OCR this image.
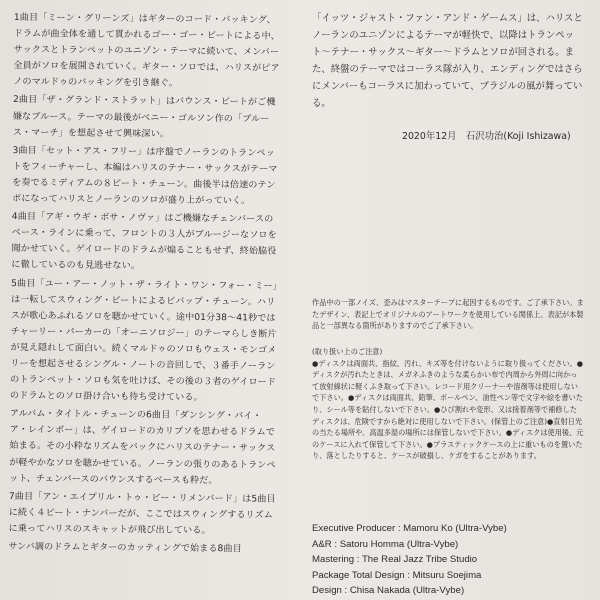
1曲目「ミーン・グリーンズ」はギターのコード・バッキング、ドラムが曲全体を通して貫かれるゴー・ゴー・ビートによる中、サックスとトランペットのユニゾン・テーマに続いて、メンバー全員がソロを展開されていく。ギター・ソロでは、ハリスがピアノのマルドゥのバッキングを引き継ぐ。

2曲目「ザ・グランド・ストラット」はバウンス・ビートがご機嫌なブルース。テーマの最後がベニー・ゴルソン作の「ブルース・マーチ」を想起させて興味深い。

3曲目「セット・アス・フリー」は序盤でノーランのトランペットをフィーチャーし、本編はハリスのテナー・サックスがテーマを奏でるミディアムの８ビート・チューン。曲後半は倍速のテンポになってハリスとノーランのソロが盛り上がっていく。

4曲目「アギ・ウギ・ボサ・ノヴァ」はご機嫌なチェンバースのベース・ラインに乗って、フロントの３人がブルージーなソロを聞かせていく。ゲイロードのドラムが煽ることもせず、終始脇役に徹しているのも見逃せない。

5曲目「ユー・アー・ノット・ザ・ライト・ワン・フォー・ミー」は一転してスウィング・ビートによるビバップ・チューン。ハリスが歌心あふれるソロを聴かせていく。途中01分38〜41秒ではチャーリー・パーカーの「オーニソロジー」のテーマらしき断片が見え隠れして面白い。続くマルドゥのソロもウェス・モンゴメリーを想起させるシングル・ノートの音回しで、３番手ノーランのトランペット・ソロも気を吐けば、その後の３者のゲイロードのドラムとのソロ掛け合いも待ち受けている。

アルバム・タイトル・チューンの6曲目「ダンシング・バイ・ア・レインボー」は、ゲイロードのカリプソを思わせるドラムで始まる。その小粋なリズムをバックにハリスのテナー・サックスが軽やかなソロを聴かせている。ノーランの張りのあるトランペット、チェンバースのバウンスするベースも粋だ。

7曲目「アン・エイプリル・トゥ・ビー・リメンバード」は5曲目に続く４ビート・ナンバーだが、ここではスウィングするリズムに乗ってハリスのスキャットが飛び出している。

サンバ調のドラムとギターのカッティングで始まる8曲目

「イッツ・ジャスト・ファン・アンド・ゲームス」は、ハリスとノーランのユニゾンによるテーマが軽快で、以降はトランペット〜テナー・サックス〜ギター〜ドラムとソロが回される。また、終盤のテーマではコーラス隊が入り、エンディングではさらにメンバーもコーラスに加わっていて、ブラジルの風が舞っている。

2020年12月　石沢功治(Koji Ishizawa)

作品中の一部ノイズ、歪みはマスターテープに起因するものです。ご了承下さい。またデザイン、表記上でオリジナルのアートワークを使用している関係上、表記が本製品と一部異なる箇所がありますのでご了承下さい。

(取り扱い上のご注意)

●ディスクは両面共、指紋、汚れ、キズ等を付けないように取り扱ってください。●ディスクが汚れたときは、メガネふきのような柔らかい布で内周から外周に向かって放射線状に軽くふき取って下さい。レコード用クリーナーや溶剤等は使用しないで下さい。●ディスクは両面共、鉛筆、ボールペン、油性ペン等で文字や絵を書いたり、シール等を貼付しないで下さい。●ひび割れや変形、又は接着剤等で補修したディスクは、危険ですから絶対に使用しないで下さい。(保管上のご注意)●直射日光の当たる場所や、高温多湿の場所には保管しないで下さい。●ディスクは使用後、元のケースに入れて保管して下さい。●プラスティックケースの上に重いものを置いたり、落としたりすると、ケースが破損し、ケガをすることがあります。

Executive Producer : Mamoru Ko (Ultra-Vybe)
A&R : Satoru Homma (Ultra-Vybe)
Mastering : The Real Jazz Tribe Studio
Package Total Design : Mitsuru Soejima
Design : Chisa Nakada (Ultra-Vybe)
